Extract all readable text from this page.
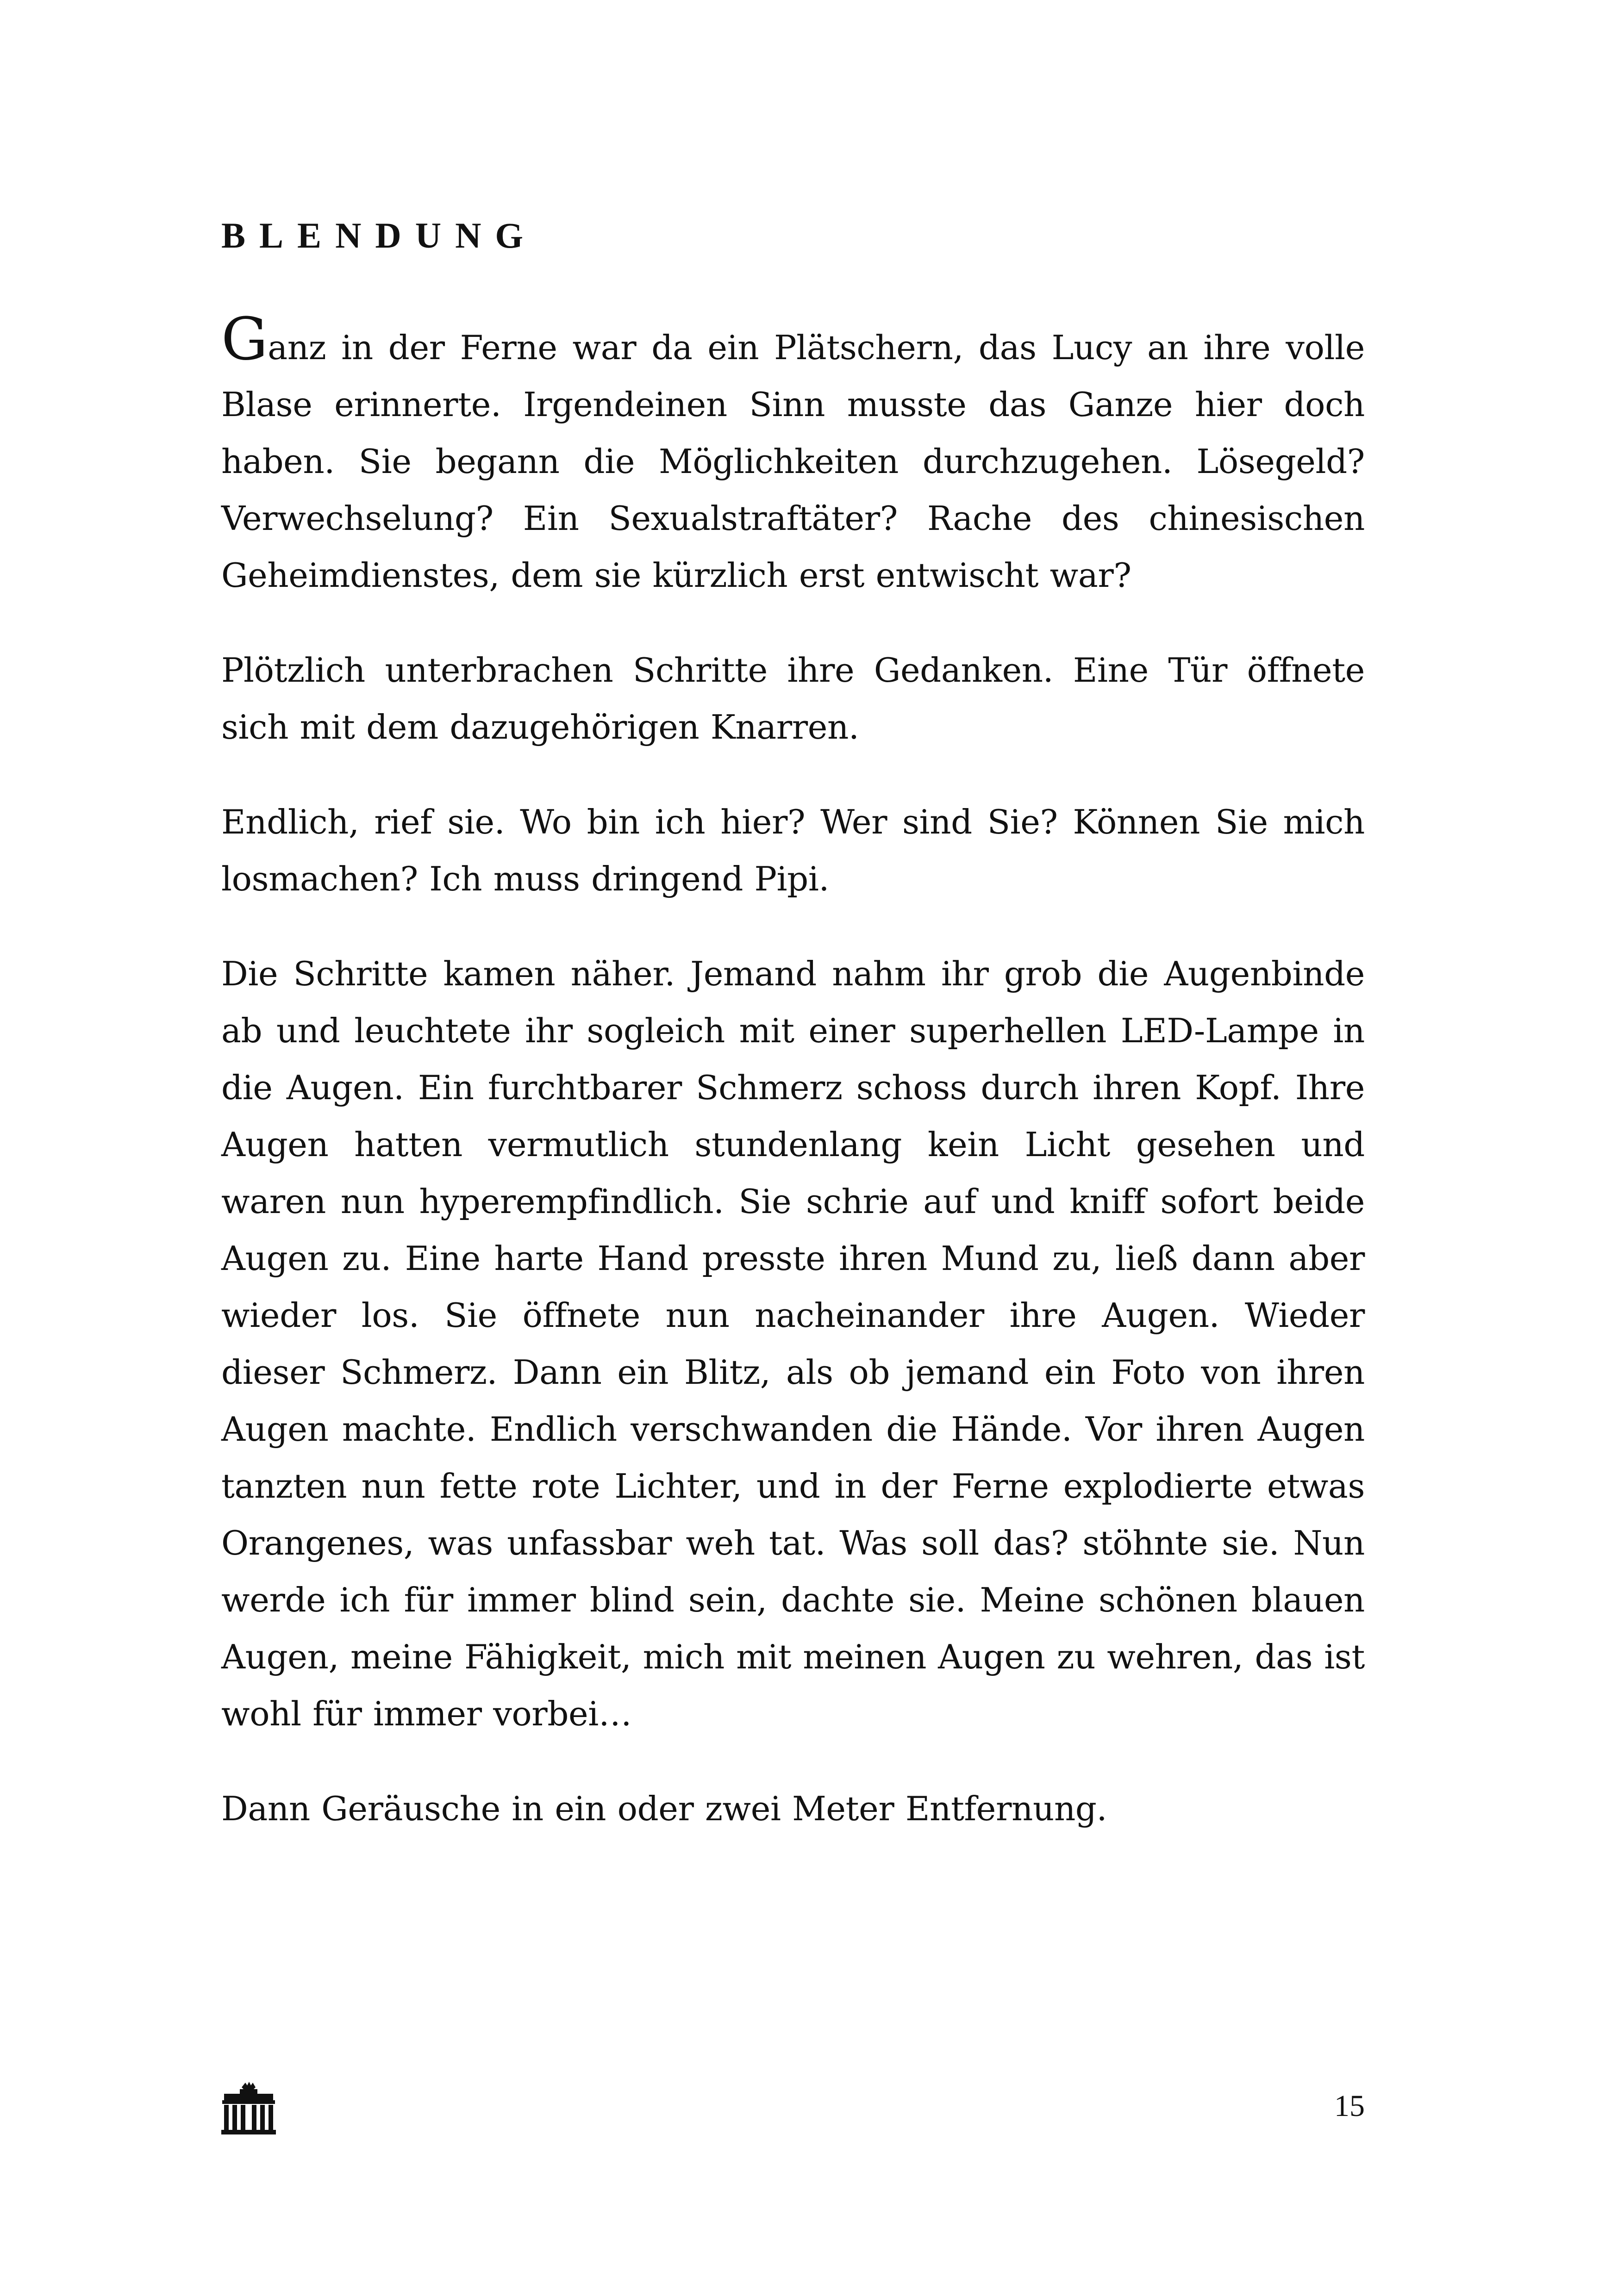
BLENDUNG

Ganz in der Ferne war da ein Plätschern, das Lucy an ihre volle Blase erinnerte. Irgendeinen Sinn musste das Ganze hier doch haben. Sie begann die Möglichkeiten durchzugehen. Lösegeld? Verwechselung? Ein Sexualstraftäter? Rache des chinesischen Geheimdienstes, dem sie kürzlich erst entwischt war?

Plötzlich unterbrachen Schritte ihre Gedanken. Eine Tür öffnete sich mit dem dazugehörigen Knarren.

Endlich, rief sie. Wo bin ich hier? Wer sind Sie? Können Sie mich losmachen? Ich muss dringend Pipi.

Die Schritte kamen näher. Jemand nahm ihr grob die Augenbinde ab und leuchtete ihr sogleich mit einer superhellen LED-Lampe in die Augen. Ein furchtbarer Schmerz schoss durch ihren Kopf. Ihre Augen hatten vermutlich stundenlang kein Licht gesehen und waren nun hyperempfindlich. Sie schrie auf und kniff sofort beide Augen zu. Eine harte Hand presste ihren Mund zu, ließ dann aber wieder los. Sie öffnete nun nacheinander ihre Augen. Wieder dieser Schmerz. Dann ein Blitz, als ob jemand ein Foto von ihren Augen machte. Endlich verschwanden die Hände. Vor ihren Augen tanzten nun fette rote Lichter, und in der Ferne explodierte etwas Orangenes, was unfassbar weh tat. Was soll das? stöhnte sie. Nun werde ich für immer blind sein, dachte sie. Meine schönen blauen Augen, meine Fähigkeit, mich mit meinen Augen zu wehren, das ist wohl für immer vorbei…

Dann Geräusche in ein oder zwei Meter Entfernung.

15
